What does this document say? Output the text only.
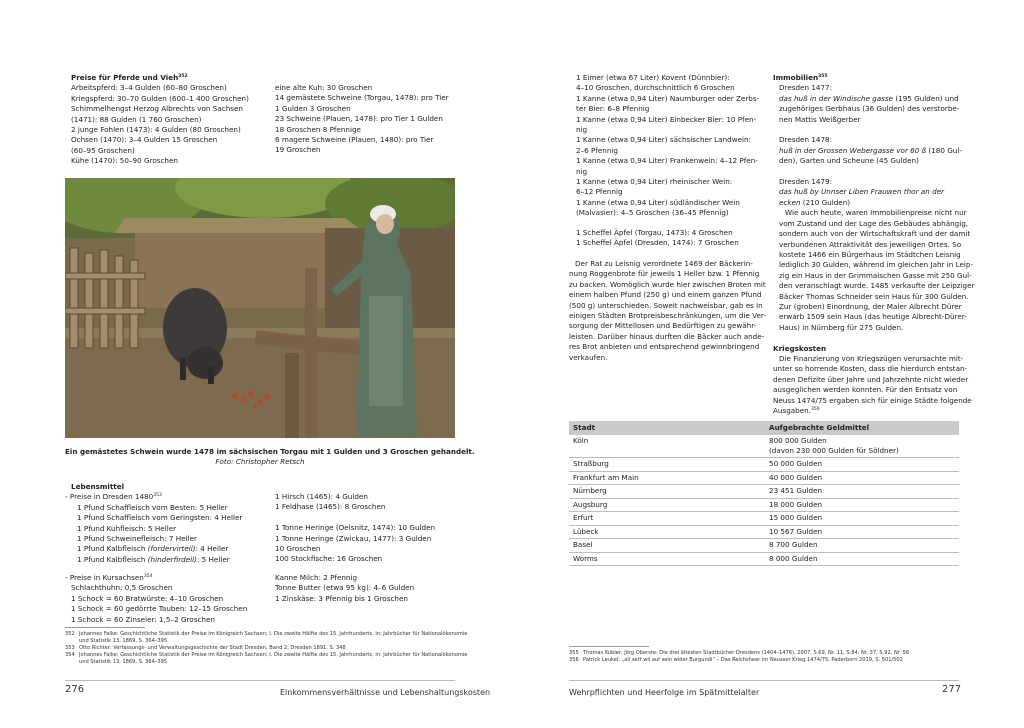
Preise für Pferde und Vieh$^{352}$
Arbeitspferd: 3–4 Gulden (60–80 Groschen)
Kriegspferd: 30–70 Gulden (600–1 400 Groschen)
Schimmelhengst Herzog Albrechts von Sachsen
(1471): 88 Gulden (1 760 Groschen)
2 junge Fohlen (1473): 4 Gulden (80 Groschen)
Ochsen (1470): 3–4 Gulden 15 Groschen
(60–95 Groschen)
Kühe (1470): 50–90 Groschen
eine alte Kuh: 30 Groschen
14 gemästete Schweine (Torgau, 1478): pro Tier
1 Gulden 3 Groschen
23 Schweine (Plauen, 1478): pro Tier 1 Gulden
18 Groschen 8 Pfennige
6 magere Schweine (Plauen, 1480): pro Tier
19 Groschen
Ein gemästetes Schwein wurde 1478 im sächsischen Torgau mit 1 Gulden und 3 Groschen gehandelt.
Foto: Christopher Retsch
Lebensmittel
- Preise in Dresden 1480$^{353}$
1 Pfund Schaffleisch vom Besten: 5 Heller
1 Pfund Schaffleisch vom Geringsten: 4 Heller
1 Pfund Kuhfleisch: 5 Heller
1 Pfund Schweinefleisch: 7 Heller
1 Pfund Kalbfleisch (fordervirteil): 4 Heller
1 Pfund Kalbfleisch (hinderfirdeil): 5 Heller
1 Hirsch (1465): 4 Gulden
1 Feldhase (1465): 8 Groschen

1 Tonne Heringe (Oelsnitz, 1474): 10 Gulden
1 Tonne Heringe (Zwickau, 1477): 3 Gulden
10 Groschen
100 Stockfische: 16 Groschen
- Preise in Kursachsen$^{354}$
Schlachthuhn: 0,5 Groschen
1 Schock = 60 Bratwürste: 4–10 Groschen
1 Schock = 60 gedörrte Tauben: 12–15 Groschen
1 Schock = 60 Zinseier: 1,5–2 Groschen
Kanne Milch: 2 Pfennig
Tonne Butter (etwa 95 kg): 4–6 Gulden
1 Zinskäse: 3 Pfennig bis 1 Groschen
352 Johannes Falke: Geschichtliche Statistik der Preise im Königreich Sachsen; I. Die zweite Hälfte des 15. Jahrhunderts, in: Jahrbücher für Nationalökonomie
und Statistik 13, 1869, S. 364–395
353 Otto Richter: Verfassungs- und Verwaltungsgeschichte der Stadt Dresden, Band 2, Dresden 1891, S. 348
354 Johannes Falke: Geschichtliche Statistik der Preise im Königreich Sachsen; I. Die zweite Hälfte des 15. Jahrhunderts, in: Jahrbücher für Nationalökonomie
und Statistik 13, 1869, S. 364–395
276	Einkommensverhältnisse und Lebenshaltungskosten
1 Eimer (etwa 67 Liter) Kovent (Dünnbier):
4–10 Groschen, durchschnittlich 6 Groschen
1 Kanne (etwa 0,94 Liter) Naumburger oder Zerbs-
ter Bier: 6–8 Pfennig
1 Kanne (etwa 0,94 Liter) Einbecker Bier: 10 Pfen-
nig
1 Kanne (etwa 0,94 Liter) sächsischer Landwein:
2–6 Pfennig
1 Kanne (etwa 0,94 Liter) Frankenwein: 4–12 Pfen-
nig
1 Kanne (etwa 0,94 Liter) rheinischer Wein:
6–12 Pfennig
1 Kanne (etwa 0,94 Liter) südländischer Wein
(Malvasier): 4–5 Groschen (36–45 Pfennig)
1 Scheffel Äpfel (Torgau, 1473): 4 Groschen
1 Scheffel Äpfel (Dresden, 1474): 7 Groschen
Der Rat zu Leisnig verordnete 1469 der Bäckerin-
nung Roggenbrote für jeweils 1 Heller bzw. 1 Pfennig
zu backen. Womöglich wurde hier zwischen Broten mit
einem halben Pfund (250 g) und einem ganzen Pfund
(500 g) unterschieden. Soweit nachweisbar, gab es in
einigen Städten Brotpreisbeschränkungen, um die Ver-
sorgung der Mittellosen und Bedürftigen zu gewähr-
leisten. Darüber hinaus durften die Bäcker auch ande-
res Brot anbieten und entsprechend gewinnbringend
verkaufen.
Immobilien$^{355}$
Dresden 1477:
das huß in der Windische gasse (195 Gulden) und
zugehöriges Gerbhaus (36 Gulden) des verstorbe-
nen Mattis Weißgerber

Dresden 1478:
huß in der Grossen Webergasse vor 60 ß (180 Gul-
den), Garten und Scheune (45 Gulden)

Dresden 1479:
das huß by Unnser Liben Frauwen thor an der
ecken (210 Gulden)
Wie auch heute, waren Immobilienpreise nicht nur
vom Zustand und der Lage des Gebäudes abhängig,
sondern auch von der Wirtschaftskraft und der damit
verbundenen Attraktivität des jeweiligen Ortes. So
kostete 1466 ein Bürgerhaus im Städtchen Leisnig
lediglich 30 Gulden, während im gleichen Jahr in Leip-
zig ein Haus in der Grimmaischen Gasse mit 250 Gul-
den veranschlagt wurde. 1485 verkaufte der Leipziger
Bäcker Thomas Schneider sein Haus für 300 Gulden.
Zur (groben) Einordnung, der Maler Albrecht Dürer
erwarb 1509 sein Haus (das heutige Albrecht-Dürer-
Haus) in Nürnberg für 275 Gulden.

Kriegskosten
Die Finanzierung von Kriegszügen verursachte mit-
unter so horrende Kosten, dass die hierdurch entstan-
denen Defizite über Jahre und Jahrzehnte nicht wieder
ausgeglichen werden konnten. Für den Entsatz von
Neuss 1474/75 ergaben sich für einige Städte folgende
Ausgaben.$^{356}$
Stadt	Aufgebrachte Geldmittel
Köln	800 000 Gulden
(davon 230 000 Gulden für Söldner)

Straßburg	50 000 Gulden

Frankfurt am Main	40 000 Gulden

Nürnberg	23 451 Gulden

Augsburg	18 000 Gulden

Erfurt	15 000 Gulden

Lübeck	10 567 Gulden

Basel	8 700 Gulden

Worms	8 000 Gulden
355 Thomas Kübler, Jörg Oberste: Die drei ältesten Stadtbücher Dresdens (1404–1476), 2007, S.69, Nr. 11, S.84, Nr. 37, S.92, Nr. 56
356 Patrick Leukel: „all sett wil auf sein wider Burgundi“ – Das Reichsheer im Neusser Krieg 1474/75, Paderborn 2019, S. 501/502
Wehrpflichten und Heerfolge im Spätmittelalter	277
